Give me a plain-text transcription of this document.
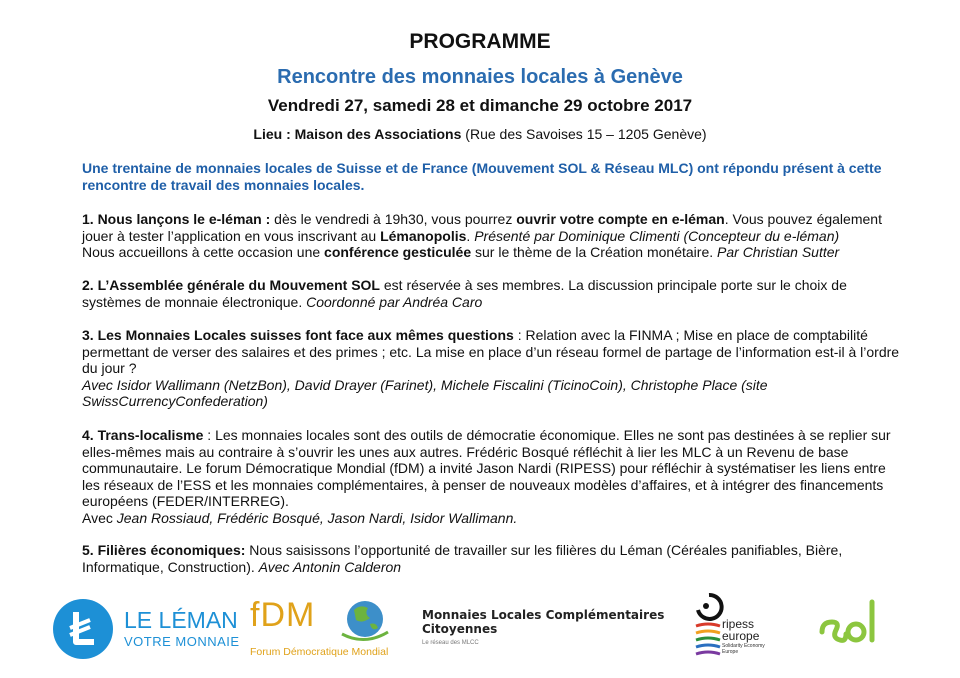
PROGRAMME
Rencontre des monnaies locales à Genève
Vendredi 27, samedi 28 et dimanche 29 octobre 2017
Lieu : Maison des Associations (Rue des Savoises 15 – 1205 Genève)
Une trentaine de monnaies locales de Suisse et de France (Mouvement SOL & Réseau MLC) ont répondu présent à cette rencontre de travail des monnaies locales.

1. Nous lançons le e-léman : dès le vendredi à 19h30, vous pourrez ouvrir votre compte en e-léman. Vous pouvez également jouer à tester l’application en vous inscrivant au Lémanopolis. Présenté par Dominique Climenti (Concepteur du e-léman)

Nous accueillons à cette occasion une conférence gesticulée sur le thème de la Création monétaire. Par Christian Sutter

2. L’Assemblée générale du Mouvement SOL est réservée à ses membres. La discussion principale porte sur le choix de systèmes de monnaie électronique. Coordonné par Andréa Caro

3. Les Monnaies Locales suisses font face aux mêmes questions : Relation avec la FINMA ; Mise en place de comptabilité permettant de verser des salaires et des primes ; etc. La mise en place d’un réseau formel de partage de l’information est-il à l’ordre du jour ?

Avec Isidor Wallimann (NetzBon), David Drayer (Farinet), Michele Fiscalini (TicinoCoin), Christophe Place (site SwissCurrencyConfederation)

4. Trans-localisme : Les monnaies locales sont des outils de démocratie économique. Elles ne sont pas destinées à se replier sur elles-mêmes mais au contraire à s’ouvrir les unes aux autres. Frédéric Bosqué réfléchit à lier les MLC à un Revenu de base communautaire. Le forum Démocratique Mondial (fDM) a invité Jason Nardi (RIPESS) pour réfléchir à systématiser les liens entre les réseaux de l’ESS et les monnaies complémentaires, à penser de nouveaux modèles d’affaires, et à intégrer des financements européens (FEDER/INTERREG).

Avec Jean Rossiaud, Frédéric Bosqué, Jason Nardi, Isidor Wallimann.

5. Filières économiques: Nous saisissons l’opportunité de travailler sur les filières du Léman (Céréales panifiables, Bière, Informatique, Construction). Avec Antonin Calderon

LE LÉMAN
VOTRE MONNAIE
fDM
Forum Démocratique Mondial
Monnaies Locales Complémentaires Citoyennes
Le réseau des MLCC
ripess
europe
Solidarity Economy Europe
